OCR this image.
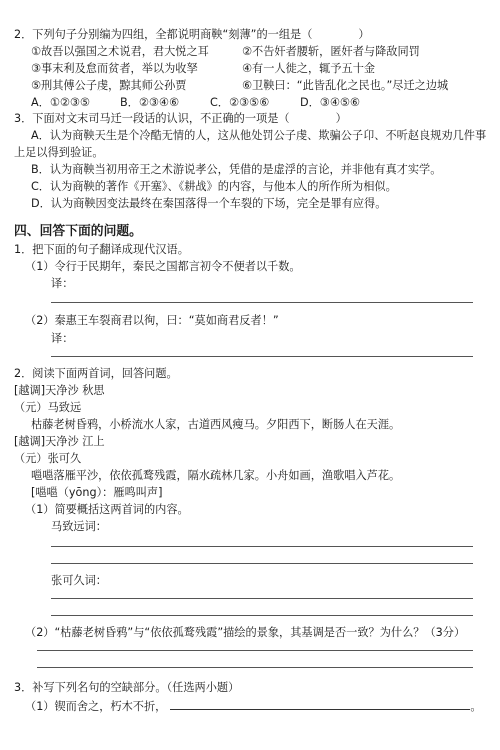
2．下列句子分别编为四组，全都说明商鞅“刻薄”的一组是（	）
①故吾以强国之术说君，君大悦之耳	②不告奸者腰斩，匿奸者与降敌同罚
③事末利及怠而贫者，举以为收孥	④有一人徙之，辄予五十金
⑤刑其傅公子虔，黥其师公孙贾	⑥卫鞅曰：“此皆乱化之民也。”尽迁之边城
A．①②③⑤	B．②③④⑥	C．②③⑤⑥	D．③④⑤⑥
3．下面对文末司马迁一段话的认识，不正确的一项是（	）
A．认为商鞅天生是个冷酷无情的人，这从他处罚公子虔、欺骗公子卬、不听赵良规劝几件事
上足以得到验证。
B．认为商鞅当初用帝王之术游说孝公，凭借的是虚浮的言论，并非他有真才实学。
C．认为商鞅的著作《开塞》、《耕战》的内容，与他本人的所作所为相似。
D．认为商鞅因变法最终在秦国落得一个车裂的下场，完全是罪有应得。
四、回答下面的问题。
1．把下面的句子翻译成现代汉语。
（1）令行于民期年，秦民之国都言初令不便者以千数。
译：
（2）秦惠王车裂商君以徇，曰：“莫如商君反者！”
译：
2．阅读下面两首词，回答问题。
[越调]天净沙 秋思
（元）马致远
枯藤老树昏鸦，小桥流水人家，古道西风瘦马。夕阳西下，断肠人在天涯。
[越调]天净沙 江上
（元）张可久
嗈嗈落雁平沙，依依孤鹜残霞，隔水疏林几家。小舟如画，渔歌唱入芦花。
[嗈嗈（yōng）：雁鸣叫声]
（1）简要概括这两首词的内容。
马致远词：
张可久词：
（2）“枯藤老树昏鸦”与“依依孤鹜残霞”描绘的景象，其基调是否一致？为什么？（3分）
3．补写下列名句的空缺部分。（任选两小题）
（1）锲而舍之，朽木不折，	。
